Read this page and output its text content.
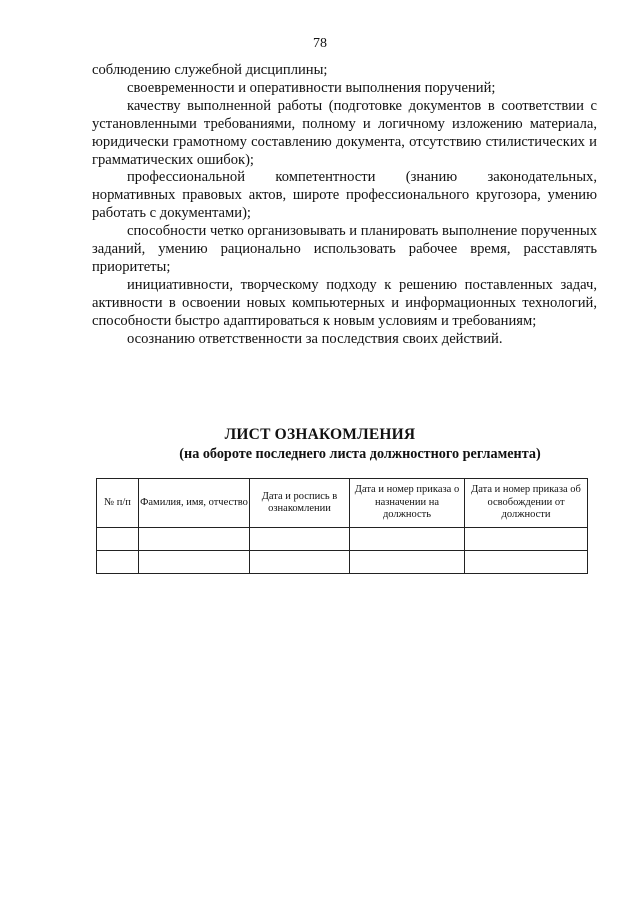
78

соблюдению служебной дисциплины;

своевременности и оперативности выполнения поручений;

качеству выполненной работы (подготовке документов в соответствии с установленными требованиями, полному и логичному изложению материала, юридически грамотному составлению документа, отсутствию стилистических и грамматических ошибок);

профессиональной компетентности (знанию законодательных, нормативных правовых актов, широте профессионального кругозора, умению работать с документами);

способности четко организовывать и планировать выполнение порученных заданий, умению рационально использовать рабочее время, расставлять приоритеты;

инициативности, творческому подходу к решению поставленных задач, активности в освоении новых компьютерных и информационных технологий, способности быстро адаптироваться к новым условиям и требованиям;

осознанию ответственности за последствия своих действий.

ЛИСТ ОЗНАКОМЛЕНИЯ
(на обороте последнего листа должностного регламента)
№ п/п	Фамилия, имя, отчество	Дата и роспись в ознакомлении	Дата и номер приказа о назначении на должность	Дата и номер приказа об освобождении от должности
